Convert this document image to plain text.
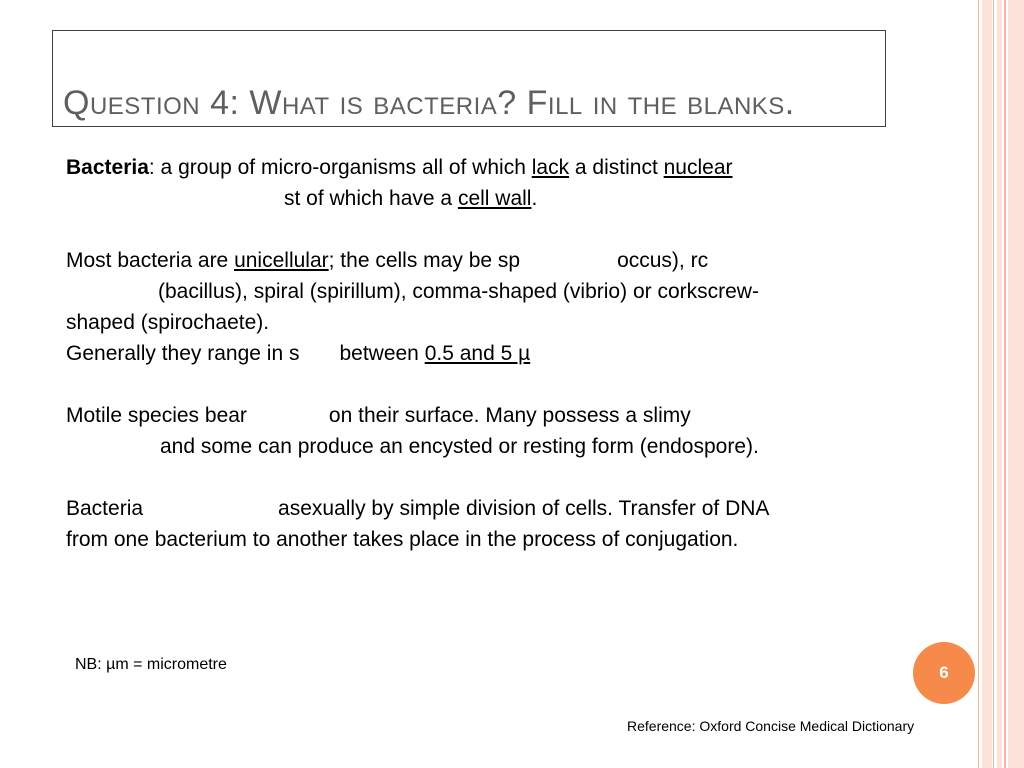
Question 4: What is bacteria? Fill in the blanks.

Bacteria: a group of micro-organisms all of which lack a distinct nuclear

st of which have a cell wall.

Most bacteria are unicellular; the cells may be sp	occus), rc

(bacillus), spiral (spirillum), comma-shaped (vibrio) or corkscrew-

shaped (spirochaete).

Generally they range in s between 0.5 and 5 µ

Motile species bear	on their surface. Many possess a slimy

and some can produce an encysted or resting form (endospore).

Bacteria	asexually by simple division of cells. Transfer of DNA

from one bacterium to another takes place in the process of conjugation.

NB: µm = micrometre	6
Reference: Oxford Concise Medical Dictionary
